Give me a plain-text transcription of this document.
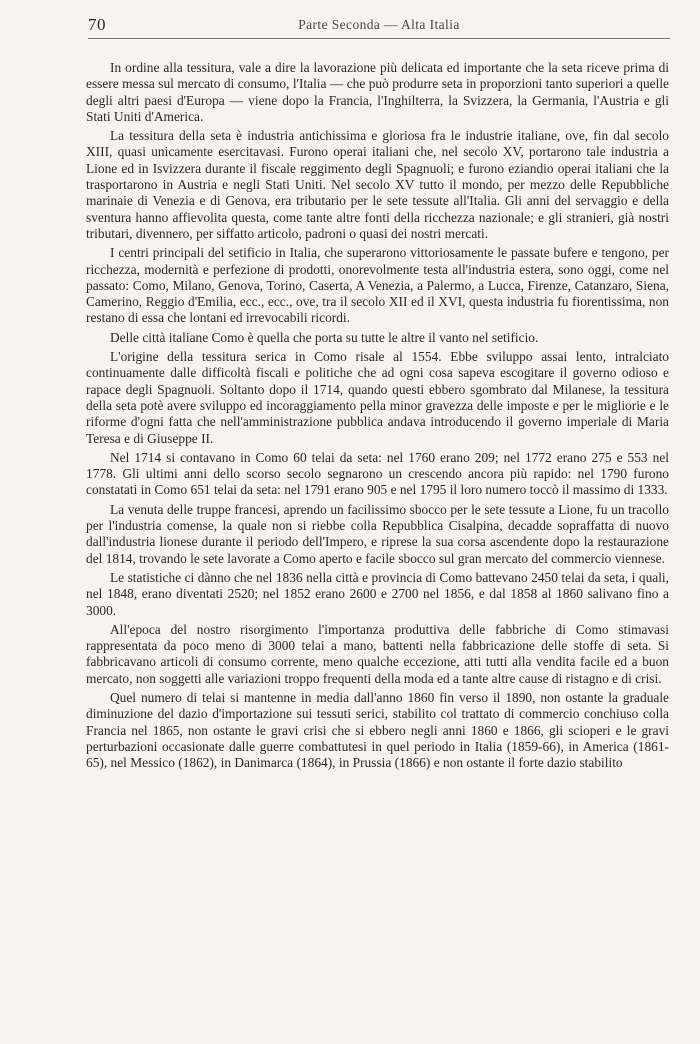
70	Parte Seconda — Alta Italia

In ordine alla tessitura, vale a dire la lavorazione più delicata ed importante che la seta riceve prima di essere messa sul mercato di consumo, l'Italia — che può produrre seta in proporzioni tanto superiori a quelle degli altri paesi d'Europa — viene dopo la Francia, l'Inghilterra, la Svizzera, la Germania, l'Austria e gli Stati Uniti d'America.

La tessitura della seta è industria antichissima e gloriosa fra le industrie italiane, ove, fin dal secolo XIII, quasi unicamente esercitavasi. Furono operai italiani che, nel secolo XV, portarono tale industria a Lione ed in Isvizzera durante il fiscale reggimento degli Spagnuoli; e furono eziandio operai italiani che la trasportarono in Austria e negli Stati Uniti. Nel secolo XV tutto il mondo, per mezzo delle Repubbliche marinaie di Venezia e di Genova, era tributario per le sete tessute all'Italia. Gli anni del servaggio e della sventura hanno affievolita questa, come tante altre fonti della ricchezza nazionale; e gli stranieri, già nostri tributari, divennero, per siffatto articolo, padroni o quasi dei nostri mercati.

I centri principali del setificio in Italia, che superarono vittoriosamente le passate bufere e tengono, per ricchezza, modernità e perfezione di prodotti, onorevolmente testa all'industria estera, sono oggi, come nel passato: Como, Milano, Genova, Torino, Caserta, A Venezia, a Palermo, a Lucca, Firenze, Catanzaro, Siena, Camerino, Reggio d'Emilia, ecc., ecc., ove, tra il secolo XII ed il XVI, questa industria fu fiorentissima, non restano di essa che lontani ed irrevocabili ricordi.

Delle città italiane Como è quella che porta su tutte le altre il vanto nel setificio.

L'origine della tessitura serica in Como risale al 1554. Ebbe sviluppo assai lento, intralciato continuamente dalle difficoltà fiscali e politiche che ad ogni cosa sapeva escogitare il governo odioso e rapace degli Spagnuoli. Soltanto dopo il 1714, quando questi ebbero sgombrato dal Milanese, la tessitura della seta potè avere sviluppo ed incoraggiamento pella minor gravezza delle imposte e per le migliorie e le riforme d'ogni fatta che nell'amministrazione pubblica andava introducendo il governo imperiale di Maria Teresa e di Giuseppe II.

Nel 1714 si contavano in Como 60 telai da seta: nel 1760 erano 209; nel 1772 erano 275 e 553 nel 1778. Gli ultimi anni dello scorso secolo segnarono un crescendo ancora più rapido: nel 1790 furono constatati in Como 651 telai da seta: nel 1791 erano 905 e nel 1795 il loro numero toccò il massimo di 1333.

La venuta delle truppe francesi, aprendo un facilissimo sbocco per le sete tessute a Lione, fu un tracollo per l'industria comense, la quale non si riebbe colla Repubblica Cisalpina, decadde sopraffatta di nuovo dall'industria lionese durante il periodo dell'Impero, e riprese la sua corsa ascendente dopo la restaurazione del 1814, trovando le sete lavorate a Como aperto e facile sbocco sul gran mercato del commercio viennese.

Le statistiche ci dànno che nel 1836 nella città e provincia di Como battevano 2450 telai da seta, i quali, nel 1848, erano diventati 2520; nel 1852 erano 2600 e 2700 nel 1856, e dal 1858 al 1860 salivano fino a 3000.

All'epoca del nostro risorgimento l'importanza produttiva delle fabbriche di Como stimavasi rappresentata da poco meno di 3000 telai a mano, battenti nella fabbricazione delle stoffe di seta. Si fabbricavano articoli di consumo corrente, meno qualche eccezione, atti tutti alla vendita facile ed a buon mercato, non soggetti alle variazioni troppo frequenti della moda ed a tante altre cause di ristagno e di crisi.

Quel numero di telai si mantenne in media dall'anno 1860 fin verso il 1890, non ostante la graduale diminuzione del dazio d'importazione sui tessuti serici, stabilito col trattato di commercio conchiuso colla Francia nel 1865, non ostante le gravi crisi che si ebbero negli anni 1860 e 1866, gli scioperi e le gravi perturbazioni occasionate dalle guerre combattutesi in quel periodo in Italia (1859-66), in America (1861-65), nel Messico (1862), in Danimarca (1864), in Prussia (1866) e non ostante il forte dazio stabilito
